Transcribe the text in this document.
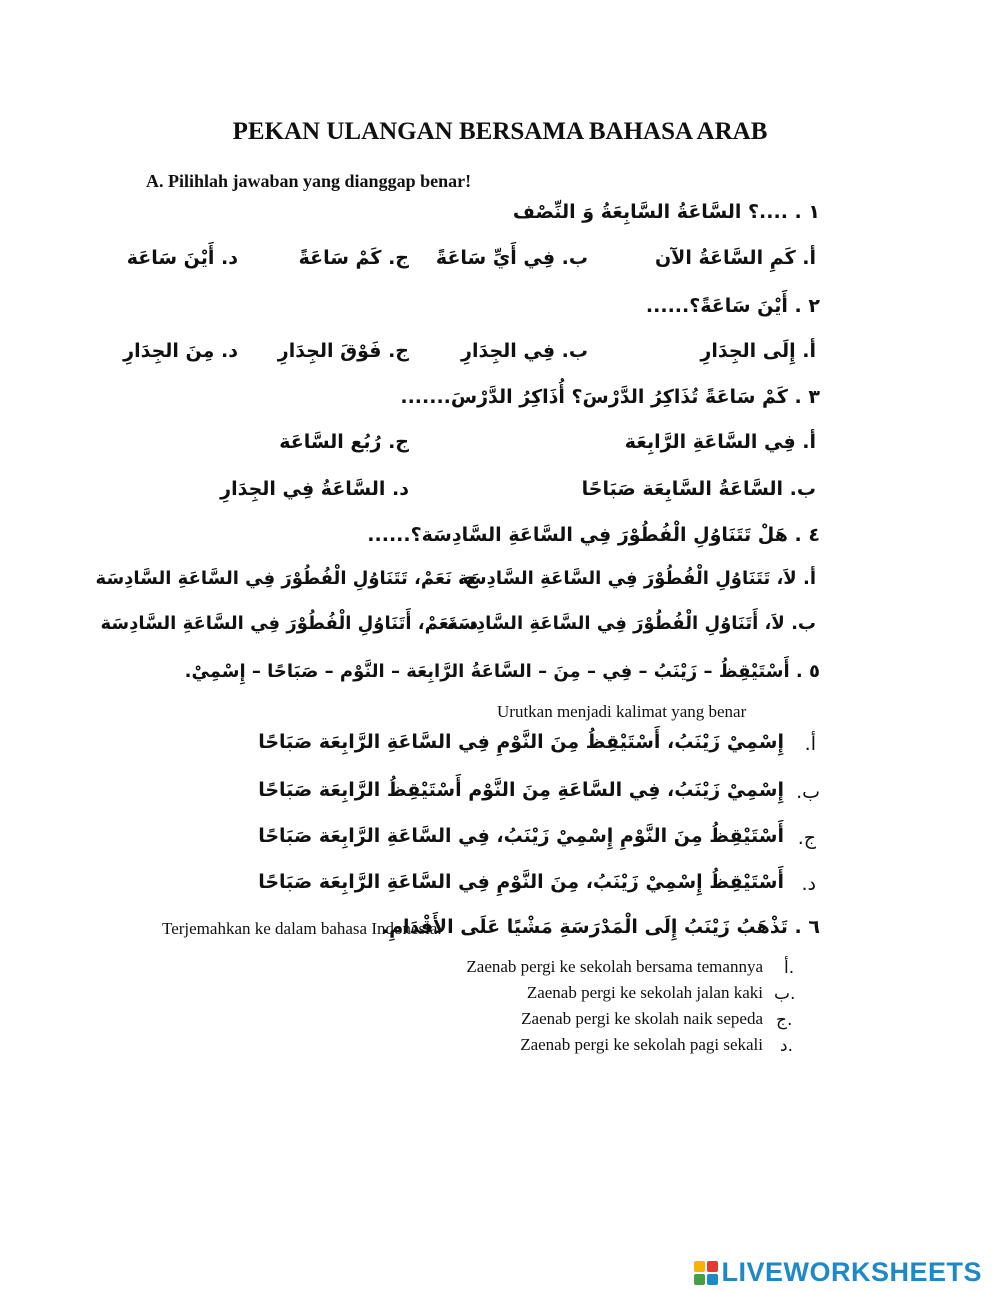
PEKAN ULANGAN BERSAMA BAHASA ARAB
A. Pilihlah jawaban yang dianggap benar!
١ . ....؟ السَّاعَةُ السَّابِعَةُ وَ النِّصْف
أ. كَمِ السَّاعَةُ الآن
ب. فِي أَيِّ سَاعَةً
ج. كَمْ سَاعَةً
د. أَيْنَ سَاعَة
٢ . أَيْنَ سَاعَةً؟......
أ. إِلَى الجِدَارِ
ب. فِي الجِدَارِ
ج. فَوْقَ الجِدَارِ
د. مِنَ الجِدَارِ
٣ . كَمْ سَاعَةً تُذَاكِرُ الدَّرْسَ؟ أُذَاكِرُ الدَّرْسَ.......
أ. فِي السَّاعَةِ الرَّابِعَة
ج. رُبُع السَّاعَة
ب. السَّاعَةُ السَّابِعَة صَبَاحًا
د. السَّاعَةُ فِي الجِدَارِ
٤ . هَلْ تَتَنَاوُلِ الْفُطُوْرَ فِي السَّاعَةِ السَّادِسَة؟......
أ. لاَ، تَتَنَاوُلِ الْفُطُوْرَ فِي السَّاعَةِ السَّادِسَة
ج. نَعَمْ، تَتَنَاوُلِ الْفُطُوْرَ فِي السَّاعَةِ السَّادِسَة
ب. لاَ، أَتَنَاوُلِ الْفُطُوْرَ فِي السَّاعَةِ السَّادِسَة
د. نَعَمْ، أَتَنَاوُلِ الْفُطُوْرَ فِي السَّاعَةِ السَّادِسَة
٥ . أَسْتَيْقِظُ – زَيْنَبُ – فِي – مِنَ – السَّاعَةُ الرَّابِعَة – النَّوْم – صَبَاحًا – إِسْمِيْ.
Urutkan menjadi kalimat yang benar
أ.
إِسْمِيْ زَيْنَبُ، أَسْتَيْقِظُ مِنَ النَّوْمِ فِي السَّاعَةِ الرَّابِعَة صَبَاحًا
ب.
إِسْمِيْ زَيْنَبُ، فِي السَّاعَةِ مِنَ النَّوْم أَسْتَيْقِظُ الرَّابِعَة صَبَاحًا
ج.
أَسْتَيْقِظُ مِنَ النَّوْمِ إِسْمِيْ زَيْنَبُ، فِي السَّاعَةِ الرَّابِعَة صَبَاحًا
د.
أَسْتَيْقِظُ إِسْمِيْ زَيْنَبُ، مِنَ النَّوْمِ فِي السَّاعَةِ الرَّابِعَة صَبَاحًا
٦ . تَذْهَبُ زَيْنَبُ إِلَى الْمَدْرَسَةِ مَشْيًا عَلَى الأَقْدَامِ.
Terjemahkan ke dalam bahasa Indonesia.
أ.
Zaenab pergi ke sekolah bersama temannya
ب.
Zaenab pergi ke sekolah jalan kaki
ج.
Zaenab pergi ke skolah naik sepeda
د.
Zaenab pergi ke sekolah pagi sekali
LIVEWORKSHEETS
